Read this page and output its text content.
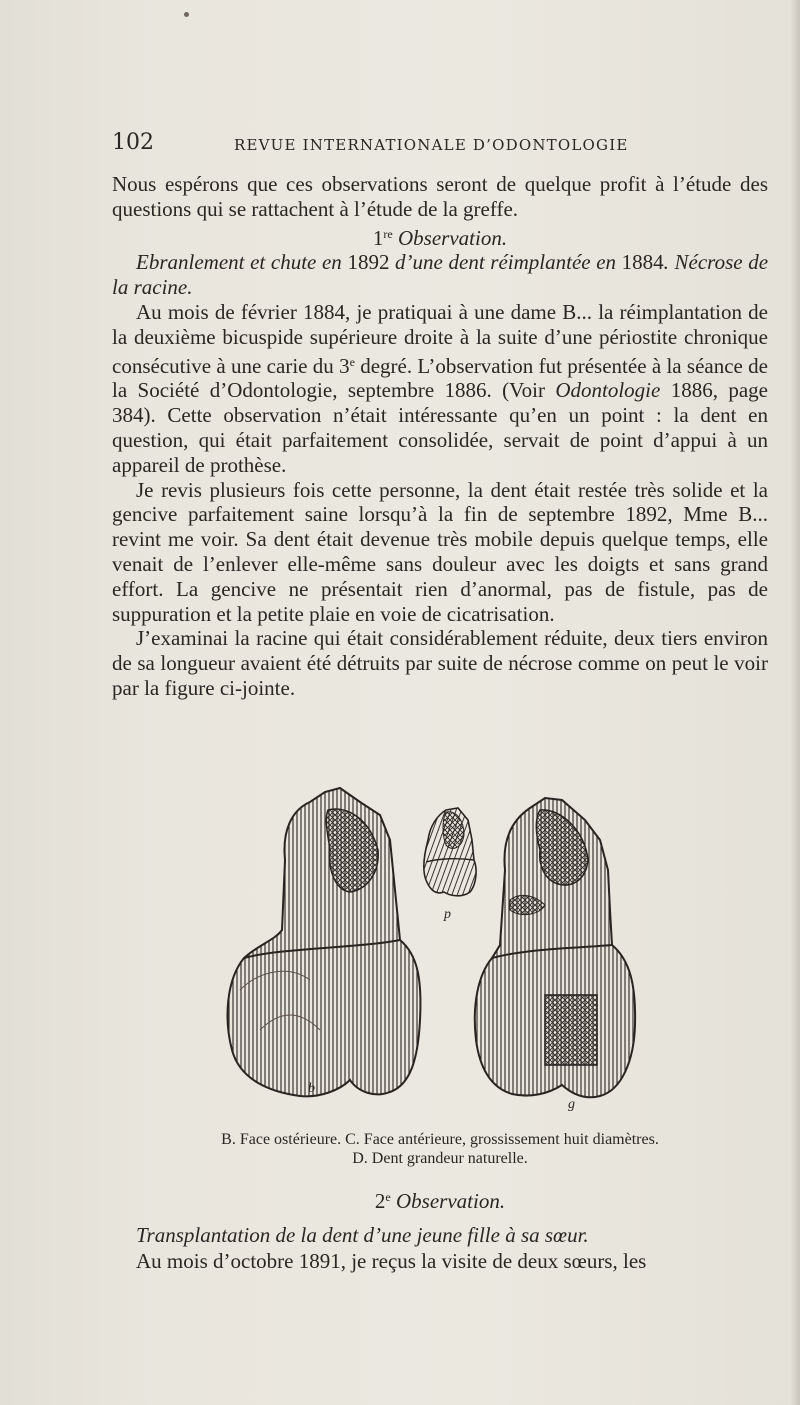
102	REVUE INTERNATIONALE D’ODONTOLOGIE

Nous espérons que ces observations seront de quelque profit à l’étude des questions qui se rattachent à l’étude de la greffe.

1re Observation.

Ebranlement et chute en 1892 d’une dent réimplantée en 1884. Nécrose de la racine.

Au mois de février 1884, je pratiquai à une dame B... la réimplantation de la deuxième bicuspide supérieure droite à la suite d’une périostite chronique consécutive à une carie du 3e degré. L’observation fut présentée à la séance de la Société d’Odontologie, septembre 1886. (Voir Odontologie 1886, page 384). Cette observation n’était intéressante qu’en un point : la dent en question, qui était parfaitement consolidée, servait de point d’appui à un appareil de prothèse.

Je revis plusieurs fois cette personne, la dent était restée très solide et la gencive parfaitement saine lorsqu’à la fin de septembre 1892, Mme B... revint me voir. Sa dent était devenue très mobile depuis quelque temps, elle venait de l’enlever elle-même sans douleur avec les doigts et sans grand effort. La gencive ne présentait rien d’anormal, pas de fistule, pas de suppuration et la petite plaie en voie de cicatrisation.

J’examinai la racine qui était considérablement réduite, deux tiers environ de sa longueur avaient été détruits par suite de nécrose comme on peut le voir par la figure ci-jointe.

b
p
g
B. Face ostérieure. C. Face antérieure, grossissement huit diamètres.
D. Dent grandeur naturelle.

2e Observation.

Transplantation de la dent d’une jeune fille à sa sœur.

Au mois d’octobre 1891, je reçus la visite de deux sœurs, les
